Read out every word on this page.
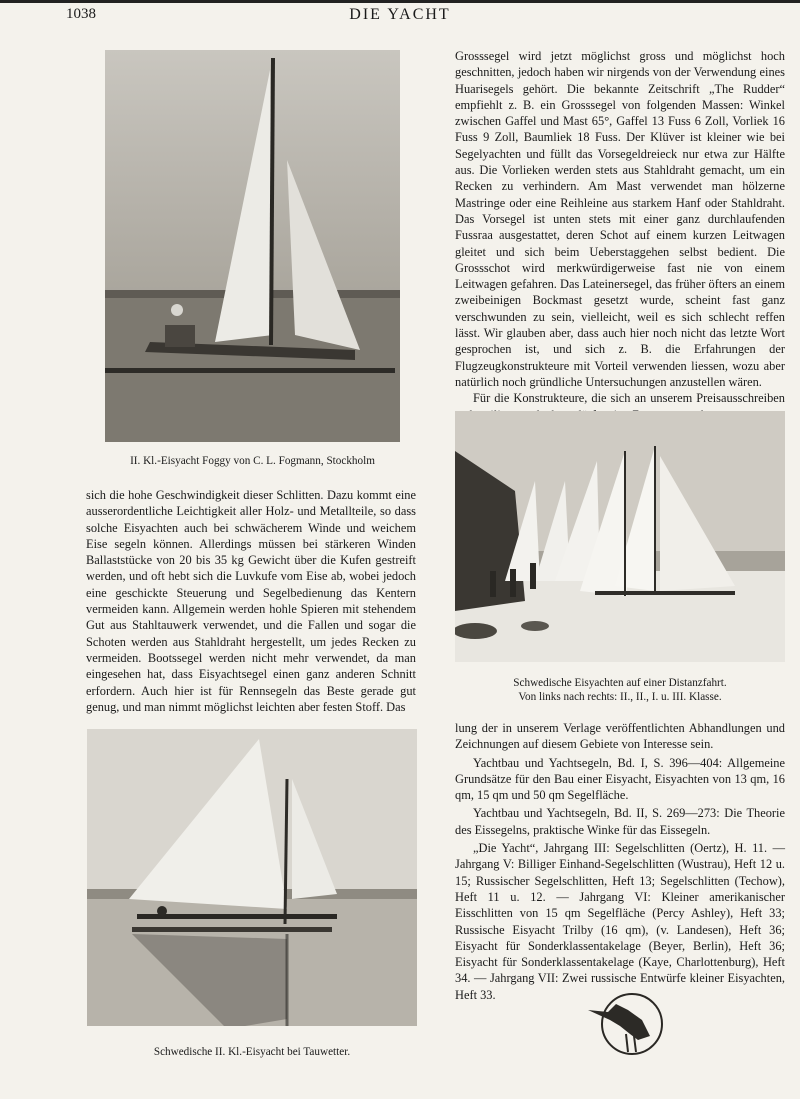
1038	DIE YACHT
II. Kl.-Eisyacht Foggy von C. L. Fogmann, Stockholm

Grosssegel wird jetzt möglichst gross und möglichst hoch geschnitten, jedoch haben wir nirgends von der Verwendung eines Huarisegels gehört. Die bekannte Zeitschrift „The Rudder“ empfiehlt z. B. ein Grosssegel von folgenden Massen: Winkel zwischen Gaffel und Mast 65°, Gaffel 13 Fuss 6 Zoll, Vorliek 16 Fuss 9 Zoll, Baumliek 18 Fuss. Der Klüver ist kleiner wie bei Segelyachten und füllt das Vorsegeldreieck nur etwa zur Hälfte aus. Die Vorlieken werden stets aus Stahldraht gemacht, um ein Recken zu verhindern. Am Mast verwendet man hölzerne Mastringe oder eine Reihleine aus starkem Hanf oder Stahldraht. Das Vorsegel ist unten stets mit einer ganz durchlaufenden Fussraa ausgestattet, deren Schot auf einem kurzen Leitwagen gleitet und sich beim Ueberstaggehen selbst bedient. Die Grossschot wird merkwürdigerweise fast nie von einem Leitwagen gefahren. Das Lateinersegel, das früher öfters an einem zweibeinigen Bockmast gesetzt wurde, scheint fast ganz verschwunden zu sein, vielleicht, weil es sich schlecht reffen lässt. Wir glauben aber, dass auch hier noch nicht das letzte Wort gesprochen ist, und sich z. B. die Erfahrungen der Flugzeugkonstrukteure mit Vorteil verwenden liessen, wozu aber natürlich noch gründliche Untersuchungen anzustellen wären.

Für die Konstrukteure, die sich an unserem Preisausschreiben

sich die hohe Geschwindigkeit dieser Schlitten. Dazu kommt eine ausserordentliche Leichtigkeit aller Holz- und Metallteile, so dass solche Eisyachten auch bei schwächerem Winde und weichem Eise segeln können. Allerdings müssen bei stärkeren Winden Ballaststücke von 20 bis 35 kg Gewicht über die Kufen gestreift werden, und oft hebt sich die Luvkufe vom Eise ab, wobei jedoch eine geschickte Steuerung und Segelbedienung das Kentern vermeiden kann. Allgemein werden hohle Spieren mit stehendem Gut aus Stahltauwerk verwendet, und die Fallen und sogar die Schoten werden aus Stahldraht hergestellt, um jedes Recken zu vermeiden. Bootssegel werden nicht mehr verwendet, da man eingesehen hat, dass Eisyachtsegel einen ganz anderen Schnitt erfordern. Auch hier ist für Rennsegeln das Beste gerade gut genug, und man nimmt möglichst leichten aber festen Stoff. Das
Schwedische Eisyachten auf einer Distanzfahrt.
Von links nach rechts: II., II., I. u. III. Klasse.
Schwedische II. Kl.-Eisyacht bei Tauwetter.

lung der in unserem Verlage veröffentlichten Abhandlungen und Zeichnungen auf diesem Gebiete von Interesse sein.

Yachtbau und Yachtsegeln, Bd. I, S. 396—404: Allgemeine Grundsätze für den Bau einer Eisyacht, Eisyachten von 13 qm, 16 qm, 15 qm und 50 qm Segelfläche.

Yachtbau und Yachtsegeln, Bd. II, S. 269—273: Die Theorie des Eissegelns, praktische Winke für das Eissegeln.

„Die Yacht“, Jahrgang III: Segelschlitten (Oertz), H. 11. — Jahrgang V: Billiger Einhand-Segelschlitten (Wustrau), Heft 12 u. 15; Russischer Segelschlitten, Heft 13; Segelschlitten (Techow), Heft 11 u. 12. — Jahrgang VI: Kleiner amerikanischer Eisschlitten von 15 qm Segelfläche (Percy Ashley), Heft 33; Russische Eisyacht Trilby (16 qm), (v. Landesen), Heft 36; Eisyacht für Sonderklassentakelage (Beyer, Berlin), Heft 36; Eisyacht für Sonderklassentakelage (Kaye, Charlottenburg), Heft 34. — Jahrgang VII: Zwei russische Entwürfe kleiner Eisyachten, Heft 33.
